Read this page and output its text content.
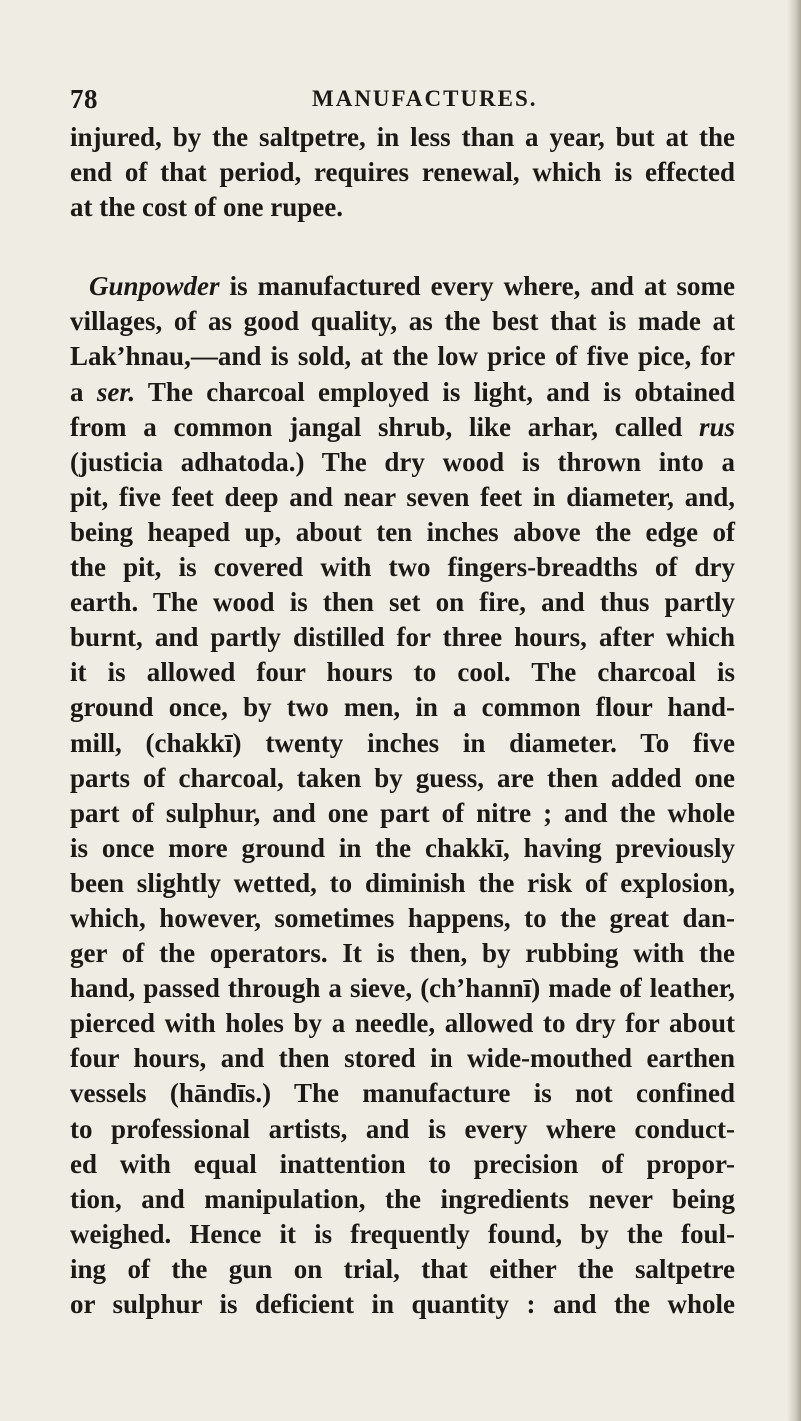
78	MANUFACTURES.
injured, by the saltpetre, in less than a year, but at the
end of that period, requires renewal, which is effected
at the cost of one rupee.
Gunpowder is manufactured every where, and at some
villages, of as good quality, as the best that is made at
Lak’hnau,—and is sold, at the low price of five pice, for
a ser. The charcoal employed is light, and is obtained
from a common jangal shrub, like arhar, called rus
(justicia adhatoda.) The dry wood is thrown into a
pit, five feet deep and near seven feet in diameter, and,
being heaped up, about ten inches above the edge of
the pit, is covered with two fingers-breadths of dry
earth. The wood is then set on fire, and thus partly
burnt, and partly distilled for three hours, after which
it is allowed four hours to cool. The charcoal is
ground once, by two men, in a common flour hand-
mill, (chakkī) twenty inches in diameter. To five
parts of charcoal, taken by guess, are then added one
part of sulphur, and one part of nitre ; and the whole
is once more ground in the chakkī, having previously
been slightly wetted, to diminish the risk of explosion,
which, however, sometimes happens, to the great dan-
ger of the operators. It is then, by rubbing with the
hand, passed through a sieve, (ch’hannī) made of leather,
pierced with holes by a needle, allowed to dry for about
four hours, and then stored in wide-mouthed earthen
vessels (hāndīs.) The manufacture is not confined
to professional artists, and is every where conduct-
ed with equal inattention to precision of propor-
tion, and manipulation, the ingredients never being
weighed. Hence it is frequently found, by the foul-
ing of the gun on trial, that either the saltpetre
or sulphur is deficient in quantity : and the whole
